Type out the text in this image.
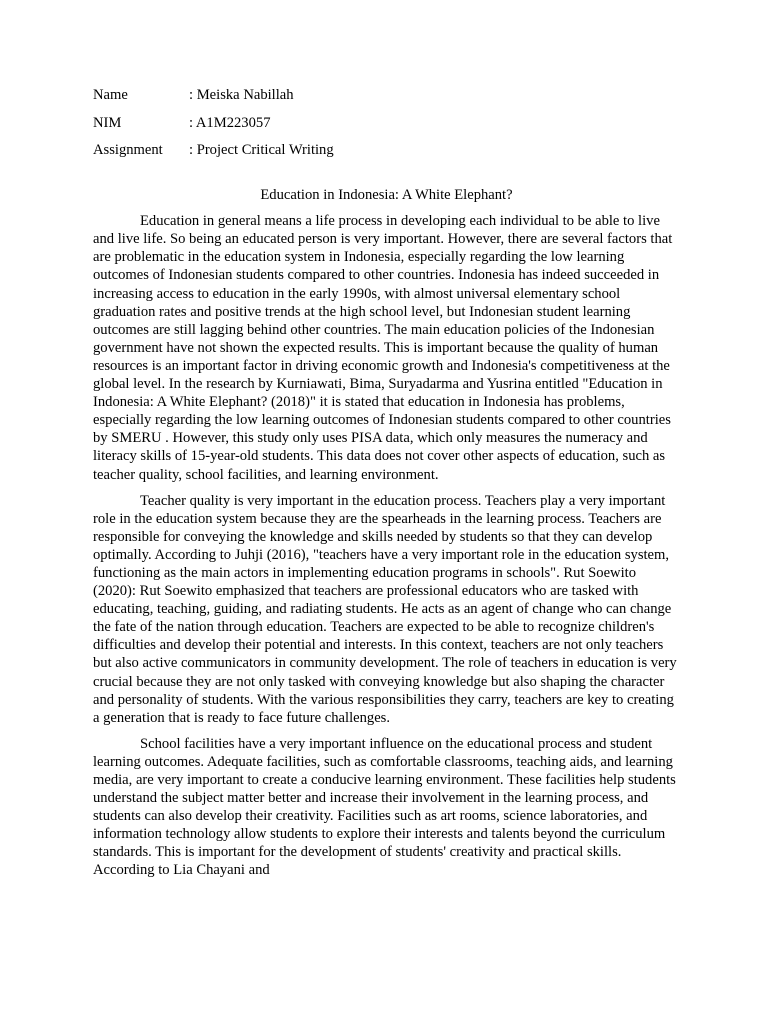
Name	: Meiska Nabillah
NIM	: A1M223057
Assignment	: Project Critical Writing
Education in Indonesia: A White Elephant?

Education in general means a life process in developing each individual to be able to live and live life. So being an educated person is very important. However, there are several factors that are problematic in the education system in Indonesia, especially regarding the low learning outcomes of Indonesian students compared to other countries. Indonesia has indeed succeeded in increasing access to education in the early 1990s, with almost universal elementary school graduation rates and positive trends at the high school level, but Indonesian student learning outcomes are still lagging behind other countries. The main education policies of the Indonesian government have not shown the expected results. This is important because the quality of human resources is an important factor in driving economic growth and Indonesia's competitiveness at the global level. In the research by Kurniawati, Bima, Suryadarma and Yusrina entitled "Education in Indonesia: A White Elephant? (2018)" it is stated that education in Indonesia has problems, especially regarding the low learning outcomes of Indonesian students compared to other countries by SMERU . However, this study only uses PISA data, which only measures the numeracy and literacy skills of 15-year-old students. This data does not cover other aspects of education, such as teacher quality, school facilities, and learning environment.

Teacher quality is very important in the education process. Teachers play a very important role in the education system because they are the spearheads in the learning process. Teachers are responsible for conveying the knowledge and skills needed by students so that they can develop optimally. According to Juhji (2016), "teachers have a very important role in the education system, functioning as the main actors in implementing education programs in schools". Rut Soewito (2020): Rut Soewito emphasized that teachers are professional educators who are tasked with educating, teaching, guiding, and radiating students. He acts as an agent of change who can change the fate of the nation through education. Teachers are expected to be able to recognize children's difficulties and develop their potential and interests. In this context, teachers are not only teachers but also active communicators in community development. The role of teachers in education is very crucial because they are not only tasked with conveying knowledge but also shaping the character and personality of students. With the various responsibilities they carry, teachers are key to creating a generation that is ready to face future challenges.

School facilities have a very important influence on the educational process and student learning outcomes. Adequate facilities, such as comfortable classrooms, teaching aids, and learning media, are very important to create a conducive learning environment. These facilities help students understand the subject matter better and increase their involvement in the learning process, and students can also develop their creativity. Facilities such as art rooms, science laboratories, and information technology allow students to explore their interests and talents beyond the curriculum standards. This is important for the development of students' creativity and practical skills. According to Lia Chayani and
